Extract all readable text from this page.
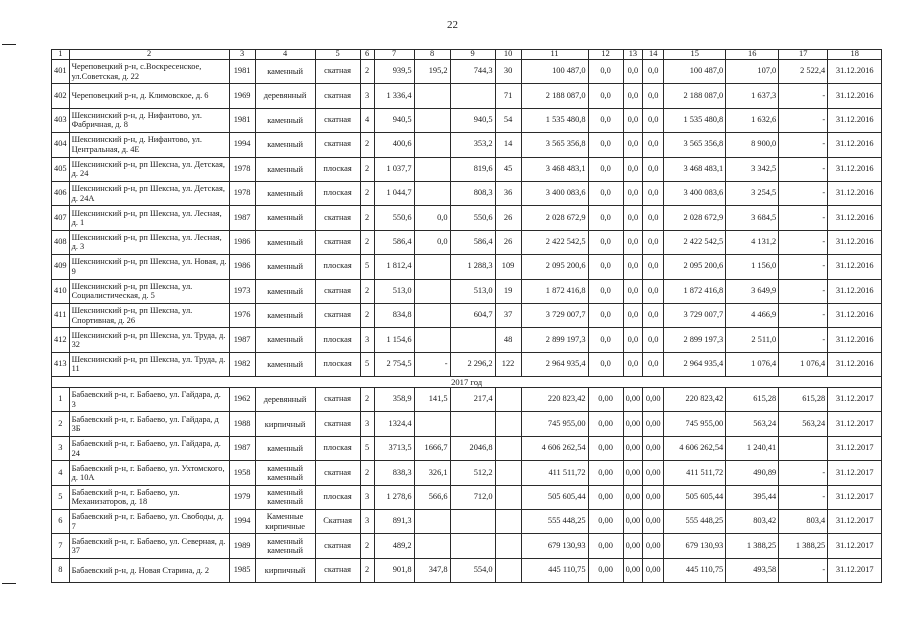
22
1	2	3	4	5	6	7	8	9	10	11	12	13	14	15	16	17	18
401	Череповецкий р-н, с.Воскресенское, ул.Советская, д. 22	1981	каменный	скатная	2	939,5	195,2	744,3	30	100 487,0	0,0	0,0	0,0	100 487,0	107,0	2 522,4	31.12.2016
402	Череповецкий р-н, д. Климовское, д. 6	1969	деревянный	скатная	3	1 336,4			71	2 188 087,0	0,0	0,0	0,0	2 188 087,0	1 637,3	-	31.12.2016
403	Шекснинский р-н, д. Нифантово, ул. Фабричная, д. 8	1981	каменный	скатная	4	940,5		940,5	54	1 535 480,8	0,0	0,0	0,0	1 535 480,8	1 632,6	-	31.12.2016
404	Шекснинский р-н, д. Нифантово, ул. Центральная, д. 4Е	1994	каменный	скатная	2	400,6		353,2	14	3 565 356,8	0,0	0,0	0,0	3 565 356,8	8 900,0	-	31.12.2016
405	Шекснинский р-н, рп Шексна, ул. Детская, д. 24	1978	каменный	плоская	2	1 037,7		819,6	45	3 468 483,1	0,0	0,0	0,0	3 468 483,1	3 342,5	-	31.12.2016
406	Шекснинский р-н, рп Шексна, ул. Детская, д. 24А	1978	каменный	плоская	2	1 044,7		808,3	36	3 400 083,6	0,0	0,0	0,0	3 400 083,6	3 254,5	-	31.12.2016
407	Шекснинский р-н, рп Шексна, ул. Лесная, д. 1	1987	каменный	скатная	2	550,6	0,0	550,6	26	2 028 672,9	0,0	0,0	0,0	2 028 672,9	3 684,5	-	31.12.2016
408	Шекснинский р-н, рп Шексна, ул. Лесная, д. 3	1986	каменный	скатная	2	586,4	0,0	586,4	26	2 422 542,5	0,0	0,0	0,0	2 422 542,5	4 131,2	-	31.12.2016
409	Шекснинский р-н, рп Шексна, ул. Новая, д. 9	1986	каменный	плоская	5	1 812,4		1 288,3	109	2 095 200,6	0,0	0,0	0,0	2 095 200,6	1 156,0	-	31.12.2016
410	Шекснинский р-н, рп Шексна, ул. Социалистическая, д. 5	1973	каменный	скатная	2	513,0		513,0	19	1 872 416,8	0,0	0,0	0,0	1 872 416,8	3 649,9	-	31.12.2016
411	Шекснинский р-н, рп Шексна, ул. Спортивная, д. 26	1976	каменный	скатная	2	834,8		604,7	37	3 729 007,7	0,0	0,0	0,0	3 729 007,7	4 466,9	-	31.12.2016
412	Шекснинский р-н, рп Шексна, ул. Труда, д. 32	1987	каменный	плоская	3	1 154,6			48	2 899 197,3	0,0	0,0	0,0	2 899 197,3	2 511,0	-	31.12.2016
413	Шекснинский р-н, рп Шексна, ул. Труда, д. 11	1982	каменный	плоская	5	2 754,5	-	2 296,2	122	2 964 935,4	0,0	0,0	0,0	2 964 935,4	1 076,4	1 076,4	31.12.2016
2017 год																	
1	Бабаевский р-н, г. Бабаево, ул. Гайдара, д. 3	1962	деревянный	скатная	2	358,9	141,5	217,4		220 823,42	0,00	0,00	0,00	220 823,42	615,28	615,28	31.12.2017
2	Бабаевский р-н, г. Бабаево, ул. Гайдара, д 3Б	1988	кирпичный	скатная	3	1324,4				745 955,00	0,00	0,00	0,00	745 955,00	563,24	563,24	31.12.2017
3	Бабаевский р-н, г. Бабаево, ул. Гайдара, д. 24	1987	каменный	плоская	5	3713,5	1666,7	2046,8		4 606 262,54	0,00	0,00	0,00	4 606 262,54	1 240,41		31.12.2017
4	Бабаевский р-н, г. Бабаево, ул. Ухтомского, д. 10А	1958	каменный каменный	скатная	2	838,3	326,1	512,2		411 511,72	0,00	0,00	0,00	411 511,72	490,89	-	31.12.2017
5	Бабаевский р-н, г. Бабаево, ул. Механизаторов, д. 18	1979	каменный каменный	плоская	3	1 278,6	566,6	712,0		505 605,44	0,00	0,00	0,00	505 605,44	395,44	-	31.12.2017
6	Бабаевский р-н, г. Бабаево, ул. Свободы, д. 7	1994	Каменные кирпичные	Скатная	3	891,3				555 448,25	0,00	0,00	0,00	555 448,25	803,42	803,4	31.12.2017
7	Бабаевский р-н, г. Бабаево, ул. Северная, д. 37	1989	каменный каменный	скатная	2	489,2				679 130,93	0,00	0,00	0,00	679 130,93	1 388,25	1 388,25	31.12.2017
8	Бабаевский р-н, д. Новая Старина, д. 2	1985	кирпичный	скатная	2	901,8	347,8	554,0		445 110,75	0,00	0,00	0,00	445 110,75	493,58	-	31.12.2017
